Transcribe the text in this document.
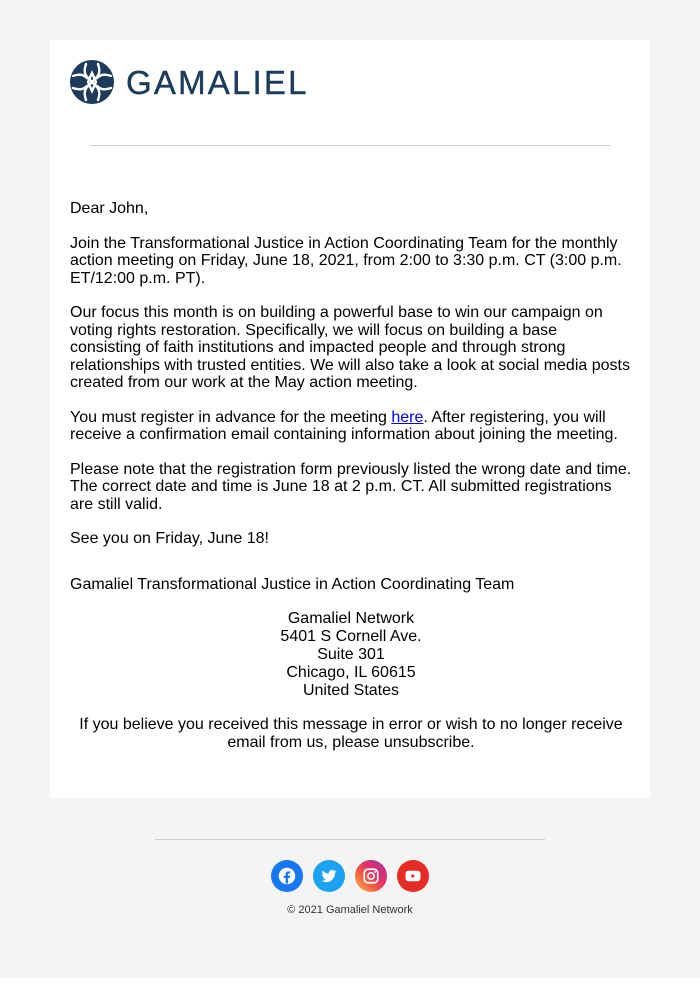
GAMALIEL

Dear John,

Join the Transformational Justice in Action Coordinating Team for the monthly action meeting on Friday, June 18, 2021, from 2:00 to 3:30 p.m. CT (3:00 p.m. ET/12:00 p.m. PT).

Our focus this month is on building a powerful base to win our campaign on voting rights restoration. Specifically, we will focus on building a base consisting of faith institutions and impacted people and through strong relationships with trusted entities. We will also take a look at social media posts created from our work at the May action meeting.

You must register in advance for the meeting here. After registering, you will receive a confirmation email containing information about joining the meeting.

Please note that the registration form previously listed the wrong date and time. The correct date and time is June 18 at 2 p.m. CT. All submitted registrations are still valid.

See you on Friday, June 18!

Gamaliel Transformational Justice in Action Coordinating Team

Gamaliel Network
5401 S Cornell Ave.
Suite 301
Chicago, IL 60615
United States

If you believe you received this message in error or wish to no longer receive email from us, please unsubscribe.

© 2021 Gamaliel Network
